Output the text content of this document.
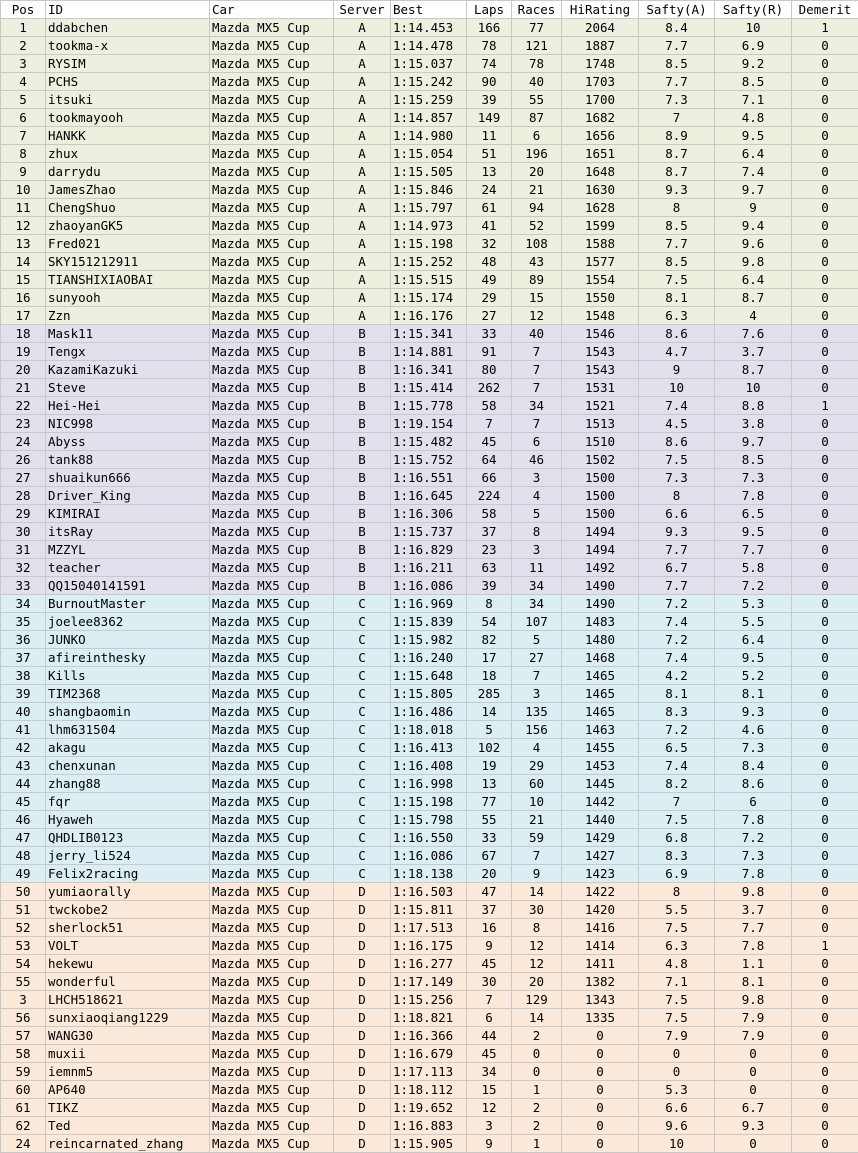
Pos	ID	Car	Server	Best	Laps	Races	HiRating	Safty(A)	Safty(R)	Demerit
1	ddabchen	Mazda MX5 Cup	A	1:14.453	166	77	2064	8.4	10	1
2	tookma-x	Mazda MX5 Cup	A	1:14.478	78	121	1887	7.7	6.9	0
3	RYSIM	Mazda MX5 Cup	A	1:15.037	74	78	1748	8.5	9.2	0
4	PCHS	Mazda MX5 Cup	A	1:15.242	90	40	1703	7.7	8.5	0
5	itsuki	Mazda MX5 Cup	A	1:15.259	39	55	1700	7.3	7.1	0
6	tookmayooh	Mazda MX5 Cup	A	1:14.857	149	87	1682	7	4.8	0
7	HANKK	Mazda MX5 Cup	A	1:14.980	11	6	1656	8.9	9.5	0
8	zhux	Mazda MX5 Cup	A	1:15.054	51	196	1651	8.7	6.4	0
9	darrydu	Mazda MX5 Cup	A	1:15.505	13	20	1648	8.7	7.4	0
10	JamesZhao	Mazda MX5 Cup	A	1:15.846	24	21	1630	9.3	9.7	0
11	ChengShuo	Mazda MX5 Cup	A	1:15.797	61	94	1628	8	9	0
12	zhaoyanGK5	Mazda MX5 Cup	A	1:14.973	41	52	1599	8.5	9.4	0
13	Fred021	Mazda MX5 Cup	A	1:15.198	32	108	1588	7.7	9.6	0
14	SKY151212911	Mazda MX5 Cup	A	1:15.252	48	43	1577	8.5	9.8	0
15	TIANSHIXIAOBAI	Mazda MX5 Cup	A	1:15.515	49	89	1554	7.5	6.4	0
16	sunyooh	Mazda MX5 Cup	A	1:15.174	29	15	1550	8.1	8.7	0
17	Zzn	Mazda MX5 Cup	A	1:16.176	27	12	1548	6.3	4	0
18	Mask11	Mazda MX5 Cup	B	1:15.341	33	40	1546	8.6	7.6	0
19	Tengx	Mazda MX5 Cup	B	1:14.881	91	7	1543	4.7	3.7	0
20	KazamiKazuki	Mazda MX5 Cup	B	1:16.341	80	7	1543	9	8.7	0
21	Steve	Mazda MX5 Cup	B	1:15.414	262	7	1531	10	10	0
22	Hei-Hei	Mazda MX5 Cup	B	1:15.778	58	34	1521	7.4	8.8	1
23	NIC998	Mazda MX5 Cup	B	1:19.154	7	7	1513	4.5	3.8	0
24	Abyss	Mazda MX5 Cup	B	1:15.482	45	6	1510	8.6	9.7	0
26	tank88	Mazda MX5 Cup	B	1:15.752	64	46	1502	7.5	8.5	0
27	shuaikun666	Mazda MX5 Cup	B	1:16.551	66	3	1500	7.3	7.3	0
28	Driver_King	Mazda MX5 Cup	B	1:16.645	224	4	1500	8	7.8	0
29	KIMIRAI	Mazda MX5 Cup	B	1:16.306	58	5	1500	6.6	6.5	0
30	itsRay	Mazda MX5 Cup	B	1:15.737	37	8	1494	9.3	9.5	0
31	MZZYL	Mazda MX5 Cup	B	1:16.829	23	3	1494	7.7	7.7	0
32	teacher	Mazda MX5 Cup	B	1:16.211	63	11	1492	6.7	5.8	0
33	QQ15040141591	Mazda MX5 Cup	B	1:16.086	39	34	1490	7.7	7.2	0
34	BurnoutMaster	Mazda MX5 Cup	C	1:16.969	8	34	1490	7.2	5.3	0
35	joelee8362	Mazda MX5 Cup	C	1:15.839	54	107	1483	7.4	5.5	0
36	JUNKO	Mazda MX5 Cup	C	1:15.982	82	5	1480	7.2	6.4	0
37	afireinthesky	Mazda MX5 Cup	C	1:16.240	17	27	1468	7.4	9.5	0
38	Kills	Mazda MX5 Cup	C	1:15.648	18	7	1465	4.2	5.2	0
39	TIM2368	Mazda MX5 Cup	C	1:15.805	285	3	1465	8.1	8.1	0
40	shangbaomin	Mazda MX5 Cup	C	1:16.486	14	135	1465	8.3	9.3	0
41	lhm631504	Mazda MX5 Cup	C	1:18.018	5	156	1463	7.2	4.6	0
42	akagu	Mazda MX5 Cup	C	1:16.413	102	4	1455	6.5	7.3	0
43	chenxunan	Mazda MX5 Cup	C	1:16.408	19	29	1453	7.4	8.4	0
44	zhang88	Mazda MX5 Cup	C	1:16.998	13	60	1445	8.2	8.6	0
45	fqr	Mazda MX5 Cup	C	1:15.198	77	10	1442	7	6	0
46	Hyaweh	Mazda MX5 Cup	C	1:15.798	55	21	1440	7.5	7.8	0
47	QHDLIB0123	Mazda MX5 Cup	C	1:16.550	33	59	1429	6.8	7.2	0
48	jerry_li524	Mazda MX5 Cup	C	1:16.086	67	7	1427	8.3	7.3	0
49	Felix2racing	Mazda MX5 Cup	C	1:18.138	20	9	1423	6.9	7.8	0
50	yumiaorally	Mazda MX5 Cup	D	1:16.503	47	14	1422	8	9.8	0
51	twckobe2	Mazda MX5 Cup	D	1:15.811	37	30	1420	5.5	3.7	0
52	sherlock51	Mazda MX5 Cup	D	1:17.513	16	8	1416	7.5	7.7	0
53	VOLT	Mazda MX5 Cup	D	1:16.175	9	12	1414	6.3	7.8	1
54	hekewu	Mazda MX5 Cup	D	1:16.277	45	12	1411	4.8	1.1	0
55	wonderful	Mazda MX5 Cup	D	1:17.149	30	20	1382	7.1	8.1	0
3	LHCH518621	Mazda MX5 Cup	D	1:15.256	7	129	1343	7.5	9.8	0
56	sunxiaoqiang1229	Mazda MX5 Cup	D	1:18.821	6	14	1335	7.5	7.9	0
57	WANG30	Mazda MX5 Cup	D	1:16.366	44	2	0	7.9	7.9	0
58	muxii	Mazda MX5 Cup	D	1:16.679	45	0	0	0	0	0
59	iemnm5	Mazda MX5 Cup	D	1:17.113	34	0	0	0	0	0
60	AP640	Mazda MX5 Cup	D	1:18.112	15	1	0	5.3	0	0
61	TIKZ	Mazda MX5 Cup	D	1:19.652	12	2	0	6.6	6.7	0
62	Ted	Mazda MX5 Cup	D	1:16.883	3	2	0	9.6	9.3	0
24	reincarnated_zhang	Mazda MX5 Cup	D	1:15.905	9	1	0	10	0	0
